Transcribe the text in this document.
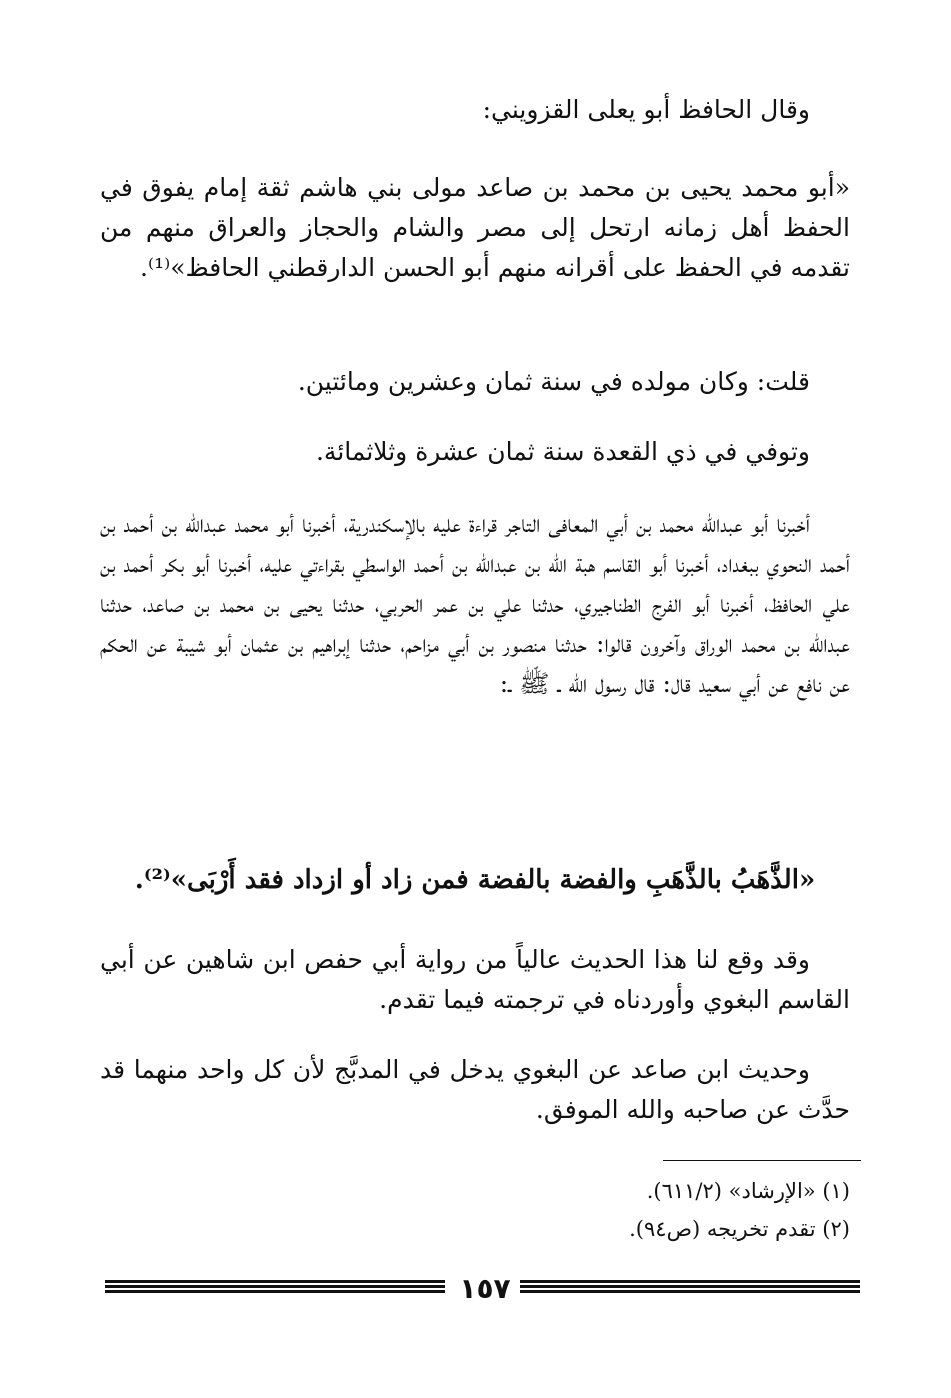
وقال الحافظ أبو يعلى القزويني:

«أبو محمد يحيى بن محمد بن صاعد مولى بني هاشم ثقة إمام يفوق في الحفظ أهل زمانه ارتحل إلى مصر والشام والحجاز والعراق منهم من تقدمه في الحفظ على أقرانه منهم أبو الحسن الدارقطني الحافظ»⁽¹⁾.

قلت: وكان مولده في سنة ثمان وعشرين ومائتين.

وتوفي في ذي القعدة سنة ثمان عشرة وثلاثمائة.

أخبرنا أبو عبدالله محمد بن أبي المعافى التاجر قراءة عليه بالإسكندرية، أخبرنا أبو محمد عبدالله بن أحمد بن أحمد النحوي ببغداد، أخبرنا أبو القاسم هبة الله بن عبدالله بن أحمد الواسطي بقراءتي عليه، أخبرنا أبو بكر أحمد بن علي الحافظ، أخبرنا أبو الفرج الطناجيري، حدثنا علي بن عمر الحربي، حدثنا يحيى بن محمد بن صاعد، حدثنا عبدالله بن محمد الوراق وآخرون قالوا: حدثنا منصور بن أبي مزاحم، حدثنا إبراهيم بن عثمان أبو شيبة عن الحكم عن نافع عن أبي سعيد قال: قال رسول الله ـ ﷺ ـ:

«الذَّهَبُ بالذَّهَبِ والفضة بالفضة فمن زاد أو ازداد فقد أَرْبَى»⁽²⁾.

وقد وقع لنا هذا الحديث عالياً من رواية أبي حفص ابن شاهين عن أبي القاسم البغوي وأوردناه في ترجمته فيما تقدم.

وحديث ابن صاعد عن البغوي يدخل في المدبَّج لأن كل واحد منهما قد حدَّث عن صاحبه والله الموفق.

(١) «الإرشاد» (٦١١/٢).
(٢) تقدم تخريجه (ص٩٤).
١٥٧
